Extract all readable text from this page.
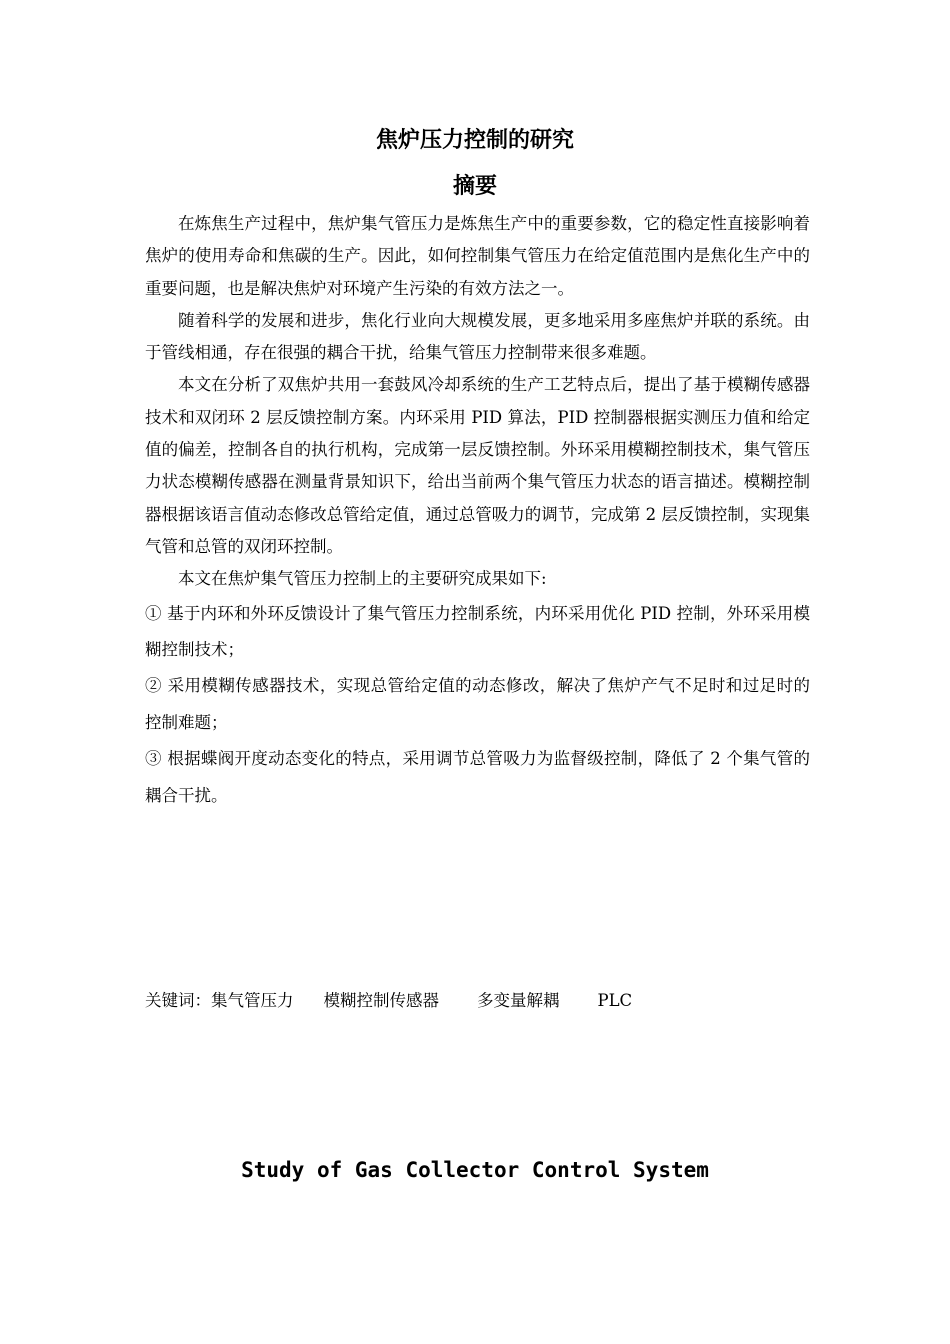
焦炉压力控制的研究
摘要

在炼焦生产过程中，焦炉集气管压力是炼焦生产中的重要参数，它的稳定性直接影响着焦炉的使用寿命和焦碳的生产。因此，如何控制集气管压力在给定值范围内是焦化生产中的重要问题，也是解决焦炉对环境产生污染的有效方法之一。

随着科学的发展和进步，焦化行业向大规模发展，更多地采用多座焦炉并联的系统。由于管线相通，存在很强的耦合干扰，给集气管压力控制带来很多难题。

本文在分析了双焦炉共用一套鼓风冷却系统的生产工艺特点后，提出了基于模糊传感器技术和双闭环 2 层反馈控制方案。内环采用 PID 算法，PID 控制器根据实测压力值和给定值的偏差，控制各自的执行机构，完成第一层反馈控制。外环采用模糊控制技术，集气管压力状态模糊传感器在测量背景知识下，给出当前两个集气管压力状态的语言描述。模糊控制器根据该语言值动态修改总管给定值，通过总管吸力的调节，完成第 2 层反馈控制，实现集气管和总管的双闭环控制。

本文在焦炉集气管压力控制上的主要研究成果如下:

① 基于内环和外环反馈设计了集气管压力控制系统，内环采用优化 PID 控制，外环采用模糊控制技术；

② 采用模糊传感器技术，实现总管给定值的动态修改，解决了焦炉产气不足时和过足时的控制难题；

③ 根据蝶阀开度动态变化的特点，采用调节总管吸力为监督级控制，降低了 2 个集气管的耦合干扰。

关键词：集气管压力 模糊控制传感器 多变量解耦 PLC
Study of Gas Collector Control System
